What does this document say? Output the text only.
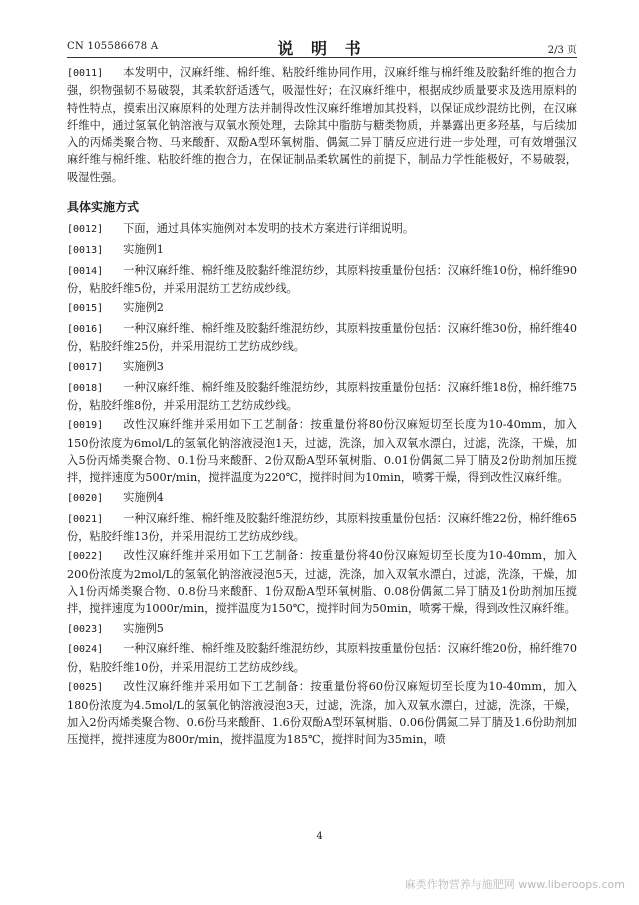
CN 105586678 A	说 明 书	2/3 页

[0011] 本发明中，汉麻纤维、棉纤维、粘胶纤维协同作用，汉麻纤维与棉纤维及胶黏纤维的抱合力强，织物强韧不易破裂，其柔软舒适透气，吸湿性好；在汉麻纤维中，根据成纱质量要求及选用原料的特性特点，摸索出汉麻原料的处理方法并制得改性汉麻纤维增加其投料，以保证成纱混纺比例，在汉麻纤维中，通过氢氧化钠溶液与双氧水预处理，去除其中脂肪与糖类物质，并暴露出更多羟基，与后续加入的丙烯类聚合物、马来酸酐、双酚A型环氧树脂、偶氮二异丁腈反应进行进一步处理，可有效增强汉麻纤维与棉纤维、粘胶纤维的抱合力，在保证制品柔软属性的前提下，制品力学性能极好，不易破裂，吸湿性强。

具体实施方式

[0012] 下面，通过具体实施例对本发明的技术方案进行详细说明。

[0013] 实施例1

[0014] 一种汉麻纤维、棉纤维及胶黏纤维混纺纱，其原料按重量份包括：汉麻纤维10份，棉纤维90份，粘胶纤维5份，并采用混纺工艺纺成纱线。

[0015] 实施例2

[0016] 一种汉麻纤维、棉纤维及胶黏纤维混纺纱，其原料按重量份包括：汉麻纤维30份，棉纤维40份，粘胶纤维25份，并采用混纺工艺纺成纱线。

[0017] 实施例3

[0018] 一种汉麻纤维、棉纤维及胶黏纤维混纺纱，其原料按重量份包括：汉麻纤维18份，棉纤维75份，粘胶纤维8份，并采用混纺工艺纺成纱线。

[0019] 改性汉麻纤维并采用如下工艺制备：按重量份将80份汉麻短切至长度为10-40mm，加入150份浓度为6mol/L的氢氧化钠溶液浸泡1天，过滤，洗涤，加入双氧水漂白，过滤，洗涤，干燥，加入5份丙烯类聚合物、0.1份马来酸酐、2份双酚A型环氧树脂、0.01份偶氮二异丁腈及2份助剂加压搅拌，搅拌速度为500r/min，搅拌温度为220℃，搅拌时间为10min，喷雾干燥，得到改性汉麻纤维。

[0020] 实施例4

[0021] 一种汉麻纤维、棉纤维及胶黏纤维混纺纱，其原料按重量份包括：汉麻纤维22份，棉纤维65份，粘胶纤维13份，并采用混纺工艺纺成纱线。

[0022] 改性汉麻纤维并采用如下工艺制备：按重量份将40份汉麻短切至长度为10-40mm，加入200份浓度为2mol/L的氢氧化钠溶液浸泡5天，过滤，洗涤，加入双氧水漂白，过滤，洗涤，干燥，加入1份丙烯类聚合物、0.8份马来酸酐、1份双酚A型环氧树脂、0.08份偶氮二异丁腈及1份助剂加压搅拌，搅拌速度为1000r/min，搅拌温度为150℃，搅拌时间为50min，喷雾干燥，得到改性汉麻纤维。

[0023] 实施例5

[0024] 一种汉麻纤维、棉纤维及胶黏纤维混纺纱，其原料按重量份包括：汉麻纤维20份，棉纤维70份，粘胶纤维10份，并采用混纺工艺纺成纱线。

[0025] 改性汉麻纤维并采用如下工艺制备：按重量份将60份汉麻短切至长度为10-40mm，加入180份浓度为4.5mol/L的氢氧化钠溶液浸泡3天，过滤，洗涤，加入双氧水漂白，过滤，洗涤，干燥，加入2份丙烯类聚合物、0.6份马来酸酐、1.6份双酚A型环氧树脂、0.06份偶氮二异丁腈及1.6份助剂加压搅拌，搅拌速度为800r/min，搅拌温度为185℃，搅拌时间为35min，喷

4
麻类作物营养与施肥网 www.liberoops.com
